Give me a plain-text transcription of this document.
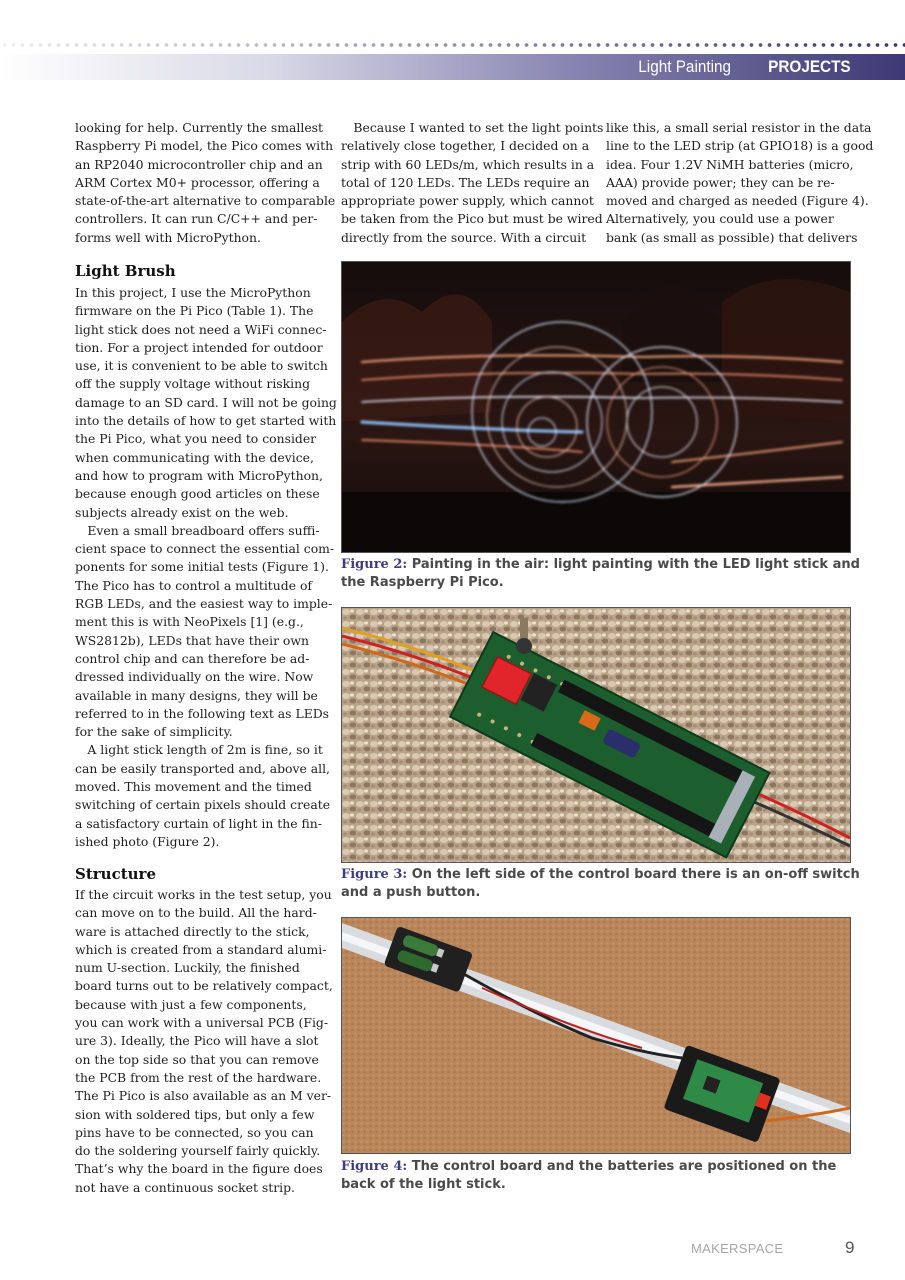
Light Painting PROJECTS
looking for help. Currently the smallest
Raspberry Pi model, the Pico comes with
an RP2040 microcontroller chip and an
ARM Cortex M0+ processor, offering a
state-of-the-art alternative to comparable
controllers. It can run C/C++ and per-
forms well with MicroPython.
Light Brush
In this project, I use the MicroPython
firmware on the Pi Pico (Table 1). The
light stick does not need a WiFi connec-
tion. For a project intended for outdoor
use, it is convenient to be able to switch
off the supply voltage without risking
damage to an SD card. I will not be going
into the details of how to get started with
the Pi Pico, what you need to consider
when communicating with the device,
and how to program with MicroPython,
because enough good articles on these
subjects already exist on the web.
 Even a small breadboard offers suffi-
cient space to connect the essential com-
ponents for some initial tests (Figure 1).
The Pico has to control a multitude of
RGB LEDs, and the easiest way to imple-
ment this is with NeoPixels [1] (e.g.,
WS2812b), LEDs that have their own
control chip and can therefore be ad-
dressed individually on the wire. Now
available in many designs, they will be
referred to in the following text as LEDs
for the sake of simplicity.
 A light stick length of 2m is fine, so it
can be easily transported and, above all,
moved. This movement and the timed
switching of certain pixels should create
a satisfactory curtain of light in the fin-
ished photo (Figure 2).
Structure
If the circuit works in the test setup, you
can move on to the build. All the hard-
ware is attached directly to the stick,
which is created from a standard alumi-
num U-section. Luckily, the finished
board turns out to be relatively compact,
because with just a few components,
you can work with a universal PCB (Fig-
ure 3). Ideally, the Pico will have a slot
on the top side so that you can remove
the PCB from the rest of the hardware.
The Pi Pico is also available as an M ver-
sion with soldered tips, but only a few
pins have to be connected, so you can
do the soldering yourself fairly quickly.
That’s why the board in the figure does
not have a continuous socket strip.
 Because I wanted to set the light points
relatively close together, I decided on a
strip with 60 LEDs/m, which results in a
total of 120 LEDs. The LEDs require an
appropriate power supply, which cannot
be taken from the Pico but must be wired
directly from the source. With a circuit
like this, a small serial resistor in the data
line to the LED strip (at GPIO18) is a good
idea. Four 1.2V NiMH batteries (micro,
AAA) provide power; they can be re-
moved and charged as needed (Figure 4).
Alternatively, you could use a power
bank (as small as possible) that delivers
Figure 2: Painting in the air: light painting with the LED light stick and
the Raspberry Pi Pico.
Figure 3: On the left side of the control board there is an on-off switch
and a push button.
Figure 4: The control board and the batteries are positioned on the
back of the light stick.
MAKERSPACE	9
